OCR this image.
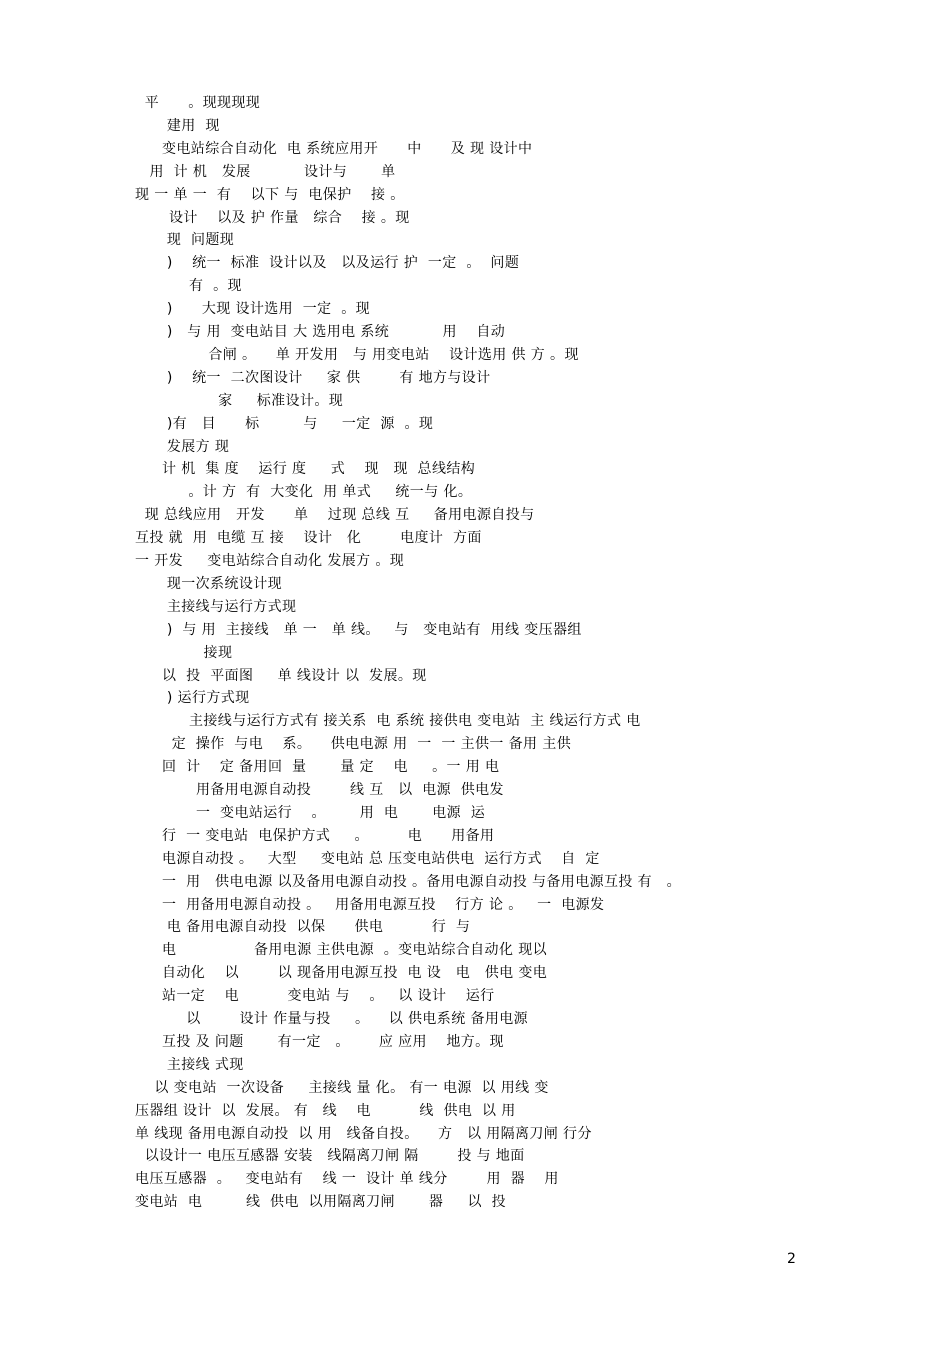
平      。现现现现
建用  现
变电站综合自动化  电 系统应用开      中      及 现 设计中
用  计 机   发展           设计与       单
现 一 单 一  有    以下 与  电保护    接 。
设计    以及 护 作量   综合    接 。现
现  问题现
)    统一  标准  设计以及   以及运行 护  一定  。  问题
有  。现
)      大现 设计选用  一定  。现
)   与 用  变电站目 大 选用电 系统           用    自动
合闸 。    单 开发用   与 用变电站    设计选用 供 方 。现
)    统一  二次图设计     家 供        有 地方与设计
家     标准设计。现
)有   目      标         与     一定  源  。现
发展方 现
计 机  集 度    运行 度     式    现   现  总线结构
。计 方  有  大变化  用 单式     统一与 化。
现 总线应用   开发      单    过现 总线 互     备用电源自投与
互投 就  用  电缆 互 接    设计   化        电度计  方面
一 开发     变电站综合自动化 发展方 。现
现一次系统设计现
主接线与运行方式现
)  与 用  主接线   单 一   单 线。   与   变电站有  用线 变压器组
接现
以  投  平面图     单 线设计 以  发展。现
) 运行方式现
主接线与运行方式有 接关系  电 系统 接供电 变电站  主 线运行方式 电
定  操作  与电    系。    供电电源 用  一  一 主供一 备用 主供
回  计    定 备用回  量       量 定    电     。一 用 电
用备用电源自动投        线 互   以  电源  供电发
一  变电站运行    。       用  电       电源  运
行  一 变电站  电保护方式     。        电      用备用
电源自动投 。   大型     变电站 总 压变电站供电  运行方式    自  定
一  用   供电电源 以及备用电源自动投 。备用电源自动投 与备用电源互投 有   。
一  用备用电源自动投 。   用备用电源互投    行方 论 。   一  电源发
电 备用电源自动投  以保      供电          行  与
电                备用电源 主供电源  。变电站综合自动化 现以
自动化    以        以 现备用电源互投  电 设   电   供电 变电
站一定    电          变电站 与    。   以 设计    运行
以        设计 作量与投     。    以 供电系统 备用电源
互投 及 问题       有一定   。      应 应用    地方。现
主接线 式现
以 变电站  一次设备     主接线 量 化。 有一 电源  以 用线 变
压器组 设计  以  发展。 有   线    电          线  供电  以 用
单 线现 备用电源自动投  以 用   线备自投。    方   以 用隔离刀闸 行分
以设计一 电压互感器 安装   线隔离刀闸 隔        投 与 地面
电压互感器  。   变电站有    线 一  设计 单 线分        用  器    用
变电站  电         线  供电  以用隔离刀闸       器     以  投
2
